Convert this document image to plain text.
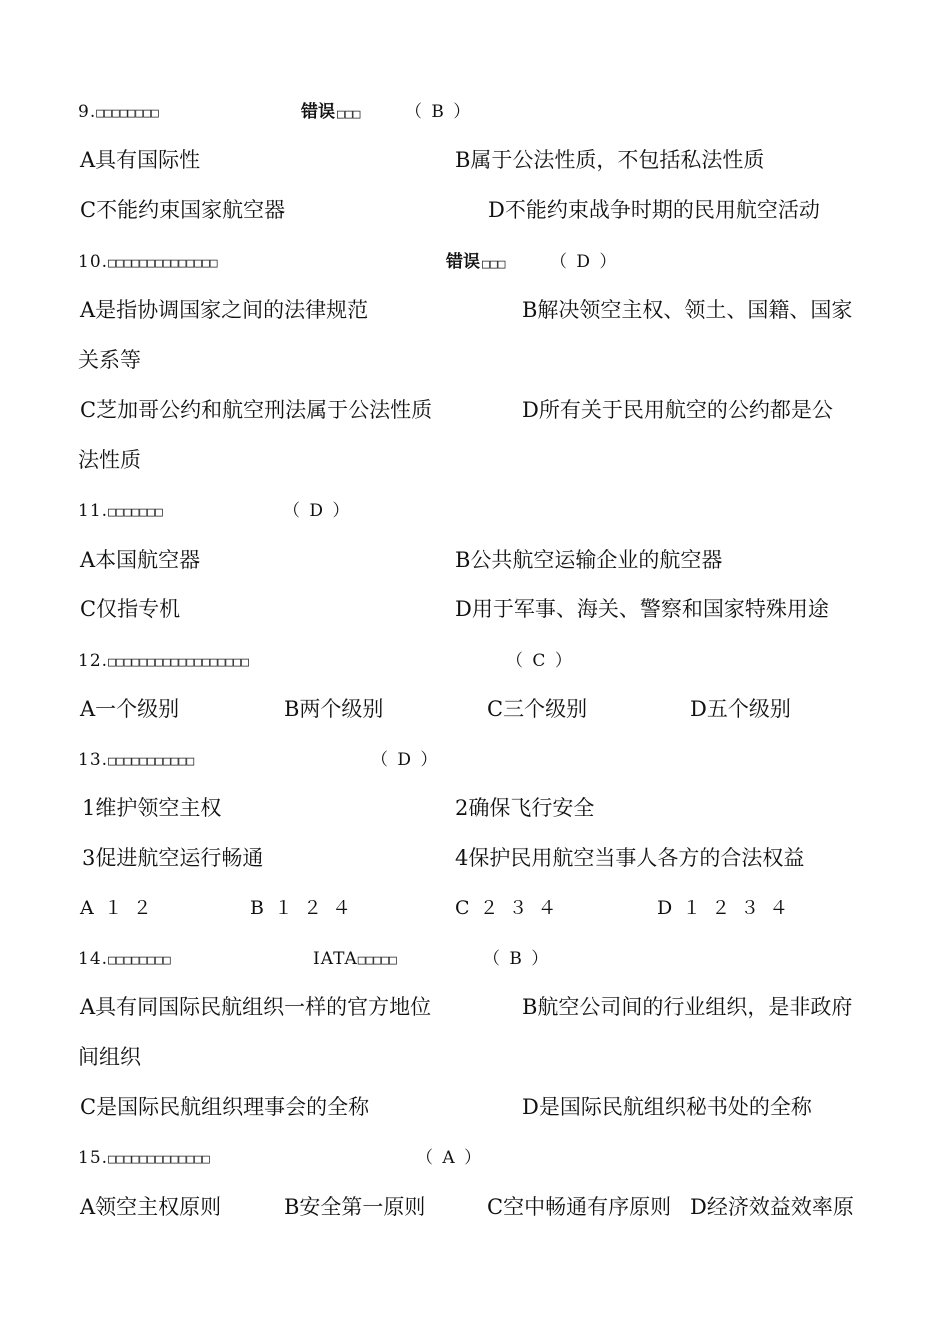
9.□□□□□□□□	错误 □□□	（ B ）
A具有国际性	B属于公法性质，不包括私法性质
C不能约束国家航空器	D不能约束战争时期的民用航空活动
10.□□□□□□□□□□□□□□	错误 □□□	（ D ）
A是指协调国家之间的法律规范	B解决领空主权、领土、国籍、国家
关系等
C芝加哥公约和航空刑法属于公法性质	D所有关于民用航空的公约都是公
法性质
11.□□□□□□□	（ D ）
A本国航空器	B公共航空运输企业的航空器
C仅指专机	D用于军事、海关、警察和国家特殊用途
12.□□□□□□□□□□□□□□□□□□	（ C ）
A一个级别	B两个级别	C三个级别	D五个级别
13.□□□□□□□□□□□	（ D ）
1维护领空主权	2确保飞行安全
3促进航空运行畅通	4保护民用航空当事人各方的合法权益
A１２	B１２４	C２３４	D１２３４
14.□□□□□□□□	IATA□□□□□	（ B ）
A具有同国际民航组织一样的官方地位	B航空公司间的行业组织，是非政府
间组织
C是国际民航组织理事会的全称	D是国际民航组织秘书处的全称
15.□□□□□□□□□□□□□	（ A ）
A领空主权原则	B安全第一原则	C空中畅通有序原则 D经济效益效率原
